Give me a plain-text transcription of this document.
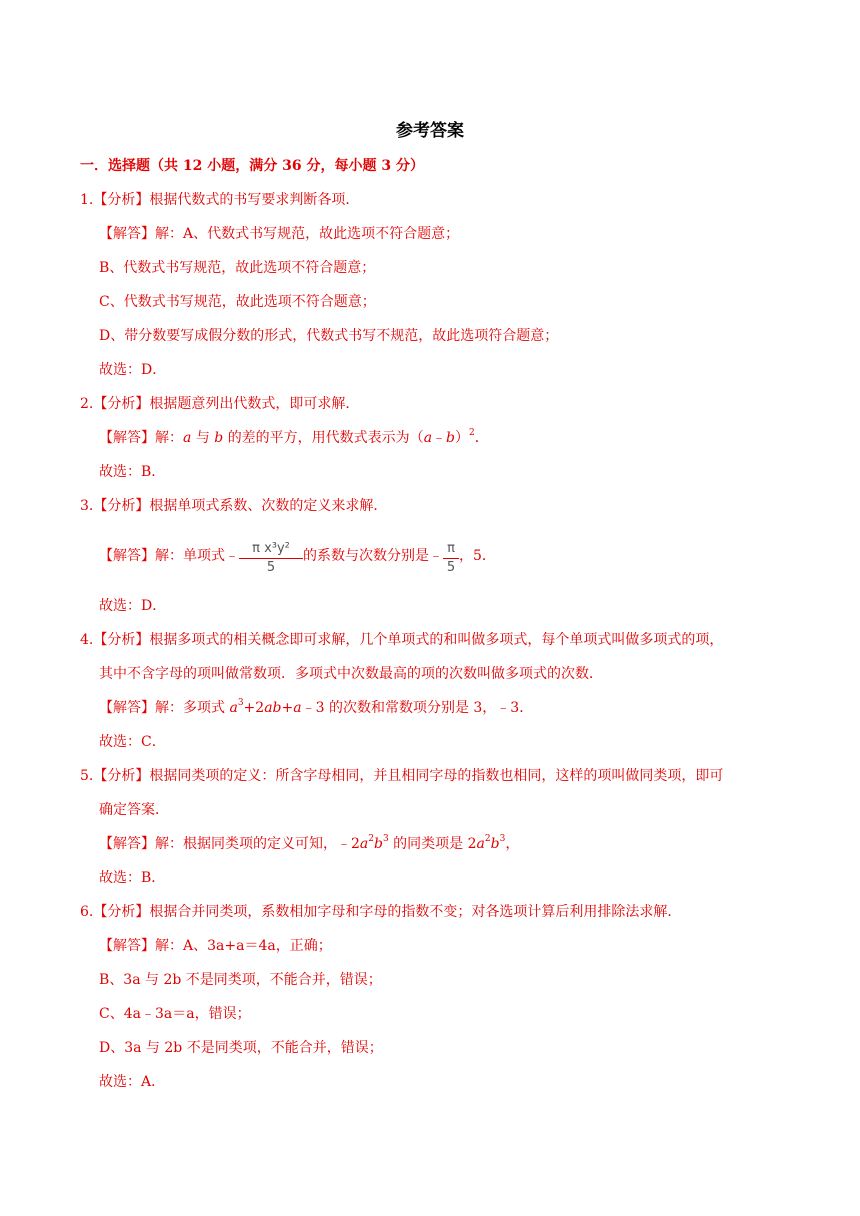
参考答案
一．选择题（共 12 小题，满分 36 分，每小题 3 分）
1.【分析】根据代数式的书写要求判断各项．
【解答】解：A、代数式书写规范，故此选项不符合题意；
B、代数式书写规范，故此选项不符合题意；
C、代数式书写规范，故此选项不符合题意；
D、带分数要写成假分数的形式，代数式书写不规范，故此选项符合题意；
故选：D．
2.【分析】根据题意列出代数式，即可求解．
【解答】解：a 与 b 的差的平方，用代数式表示为（a﹣b）$^2$．
故选：B．
3.【分析】根据单项式系数、次数的定义来求解．
【解答】解：单项式﹣ $\frac{\text{π x³y²}}{5}$ 的系数与次数分别是﹣ $\frac{\pi}{5}$ ，5．
故选：D．
4.【分析】根据多项式的相关概念即可求解，几个单项式的和叫做多项式，每个单项式叫做多项式的项，
其中不含字母的项叫做常数项．多项式中次数最高的项的次数叫做多项式的次数．
【解答】解：多项式 $a^3+2ab+a﹣3$ 的次数和常数项分别是 3，﹣3．
故选：C．
5.【分析】根据同类项的定义：所含字母相同，并且相同字母的指数也相同，这样的项叫做同类项，即可
确定答案．
【解答】解：根据同类项的定义可知，$﹣2a^2b^3$ 的同类项是 $2a^2b^3$，
故选：B．
6.【分析】根据合并同类项，系数相加字母和字母的指数不变；对各选项计算后利用排除法求解．
【解答】解：A、3a+a＝4a，正确；
B、3a 与 2b 不是同类项，不能合并，错误；
C、4a﹣3a＝a，错误；
D、3a 与 2b 不是同类项，不能合并，错误；
故选：A．
